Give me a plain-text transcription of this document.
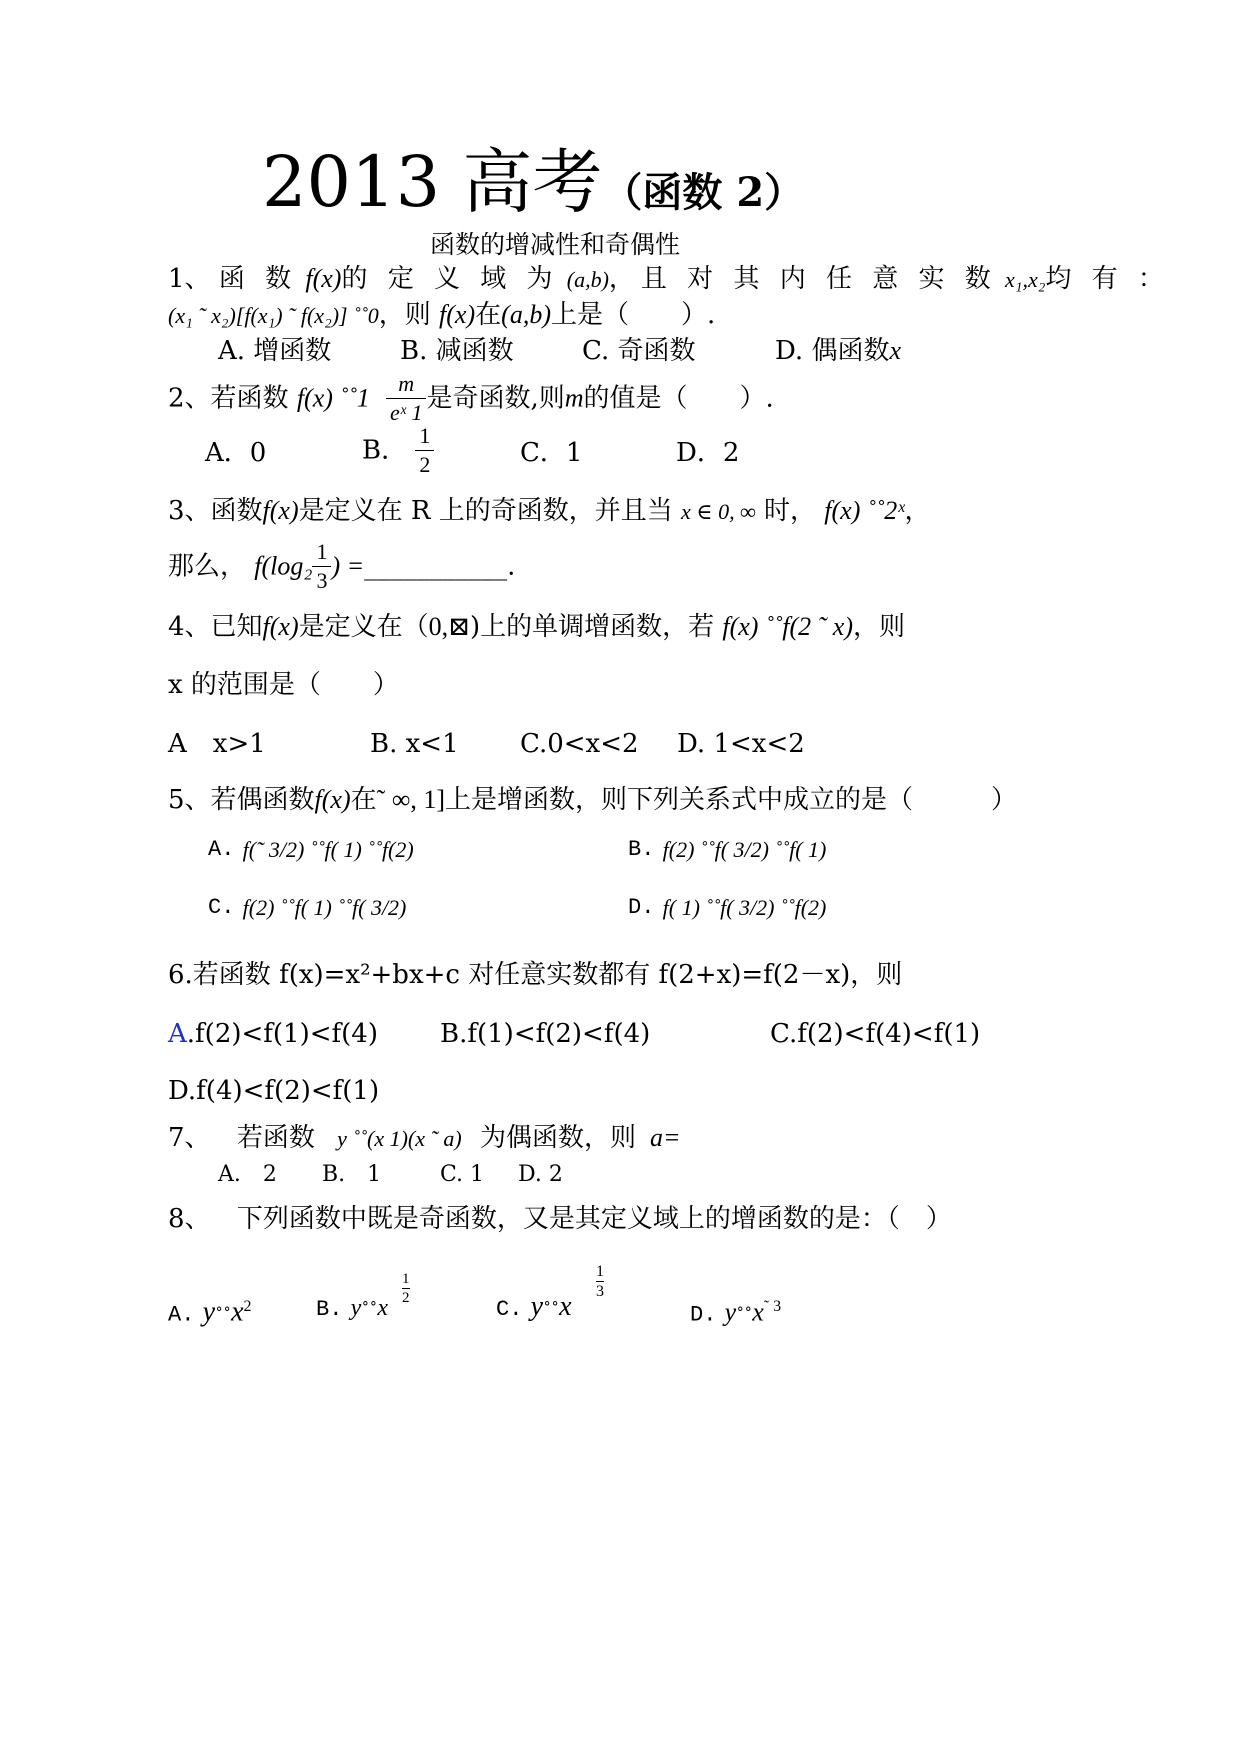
2013 高考（函数 2）
函数的增减性和奇偶性
1、 函 数 f(x)的 定 义 域 为 (a,b)，且 对 其 内 任 意 实 数 x₁,x₂均 有 ：
(x₁ ˜ x₂)[f(x₁) ˜ f(x₂)] ˚˚0，则 f(x)在(a,b)上是（　　）.
A. 增函数	B. 减函数	C. 奇函数	D. 偶函数x
2、若函数 f(x) ˚˚1 $\frac{m}{\text{eˣ 1}}$ 是奇函数,则m的值是（　　）.
A．0	B． $\frac{1}{2}$	C．1	D．2
3、函数f(x)是定义在 R 上的奇函数，并且当 x ∈ 0, ∞ 时， f(x) ˚˚2ˣ，
那么， $f(\log_2 \frac{1}{3}$ ) =___________.
4、已知f(x)是定义在（0,⊠)上的单调增函数，若 f(x) ˚˚f(2 ˜ x)，则
x 的范围是（　　）
A　x>1	B. x<1 C.0<x<2 D. 1<x<2
5、若偶函数f(x)在˜ ∞, 1]上是增函数，则下列关系式中成立的是（　　　）
A. f(˜ 3/2) ˚˚f( 1) ˚˚f(2)	B. f(2) ˚˚f( 3/2) ˚˚f( 1)
C. f(2) ˚˚f( 1) ˚˚f( 3/2)	D. f( 1) ˚˚f( 3/2) ˚˚f(2)
6.若函数 f(x)=x²+bx+c 对任意实数都有 f(2+x)=f(2－x)，则
A.f(2)<f(1)<f(4) B.f(1)<f(2)<f(4)	C.f(2)<f(4)<f(1)
D.f(4)<f(2)<f(1)
7、 若函数 y ˚˚(x 1)(x ˜ a) 为偶函数，则 a=
A.　2 B.　1	C. 1 D. 2
8、 下列函数中既是奇函数，又是其定义域上的增函数的是：（　）
A. $y˚˚x^2$	B. y˚˚x
1
2	C. y˚˚x
1
3
D. $y˚˚x^{˜ 3}$
